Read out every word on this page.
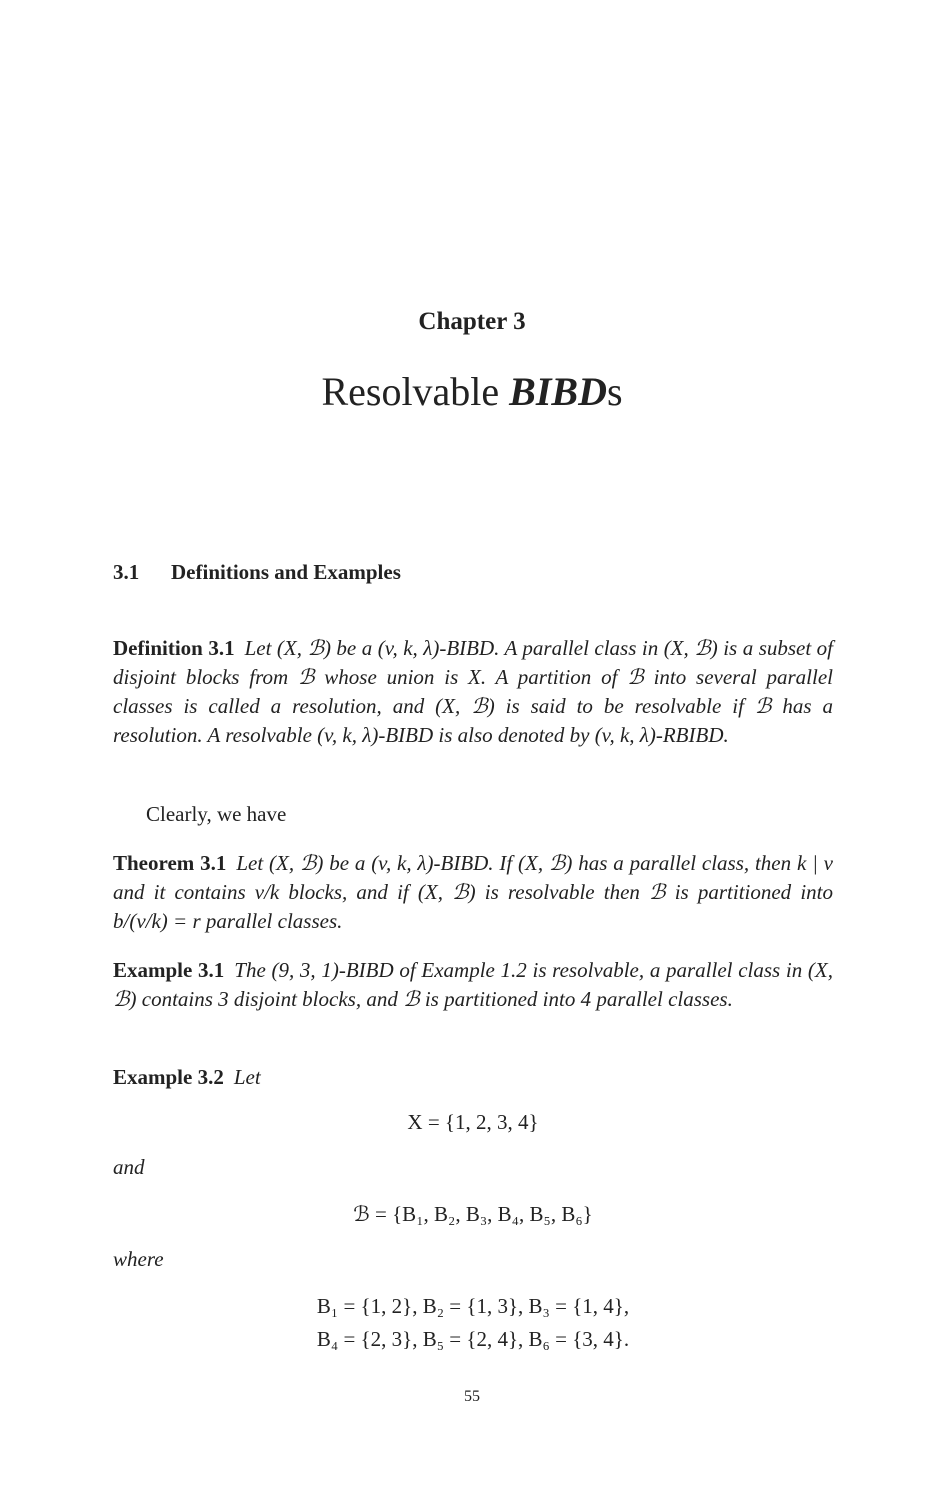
Chapter 3
Resolvable BIBDs
3.1 Definitions and Examples
Definition 3.1 Let (X, ℬ) be a (v, k, λ)-BIBD. A parallel class in (X, ℬ) is a subset of disjoint blocks from ℬ whose union is X. A partition of ℬ into several parallel classes is called a resolution, and (X, ℬ) is said to be resolvable if ℬ has a resolution. A resolvable (v, k, λ)-BIBD is also denoted by (v, k, λ)-RBIBD.
Clearly, we have
Theorem 3.1 Let (X, ℬ) be a (v, k, λ)-BIBD. If (X, ℬ) has a parallel class, then k | v and it contains v/k blocks, and if (X, ℬ) is resolvable then ℬ is partitioned into b/(v/k) = r parallel classes.
Example 3.1 The (9, 3, 1)-BIBD of Example 1.2 is resolvable, a parallel class in (X, ℬ) contains 3 disjoint blocks, and ℬ is partitioned into 4 parallel classes.
Example 3.2 Let
X = {1, 2, 3, 4}
and
ℬ = {B₁, B₂, B₃, B₄, B₅, B₆}
where
B₁ = {1, 2}, B₂ = {1, 3}, B₃ = {1, 4},
B₄ = {2, 3}, B₅ = {2, 4}, B₆ = {3, 4}.
55
